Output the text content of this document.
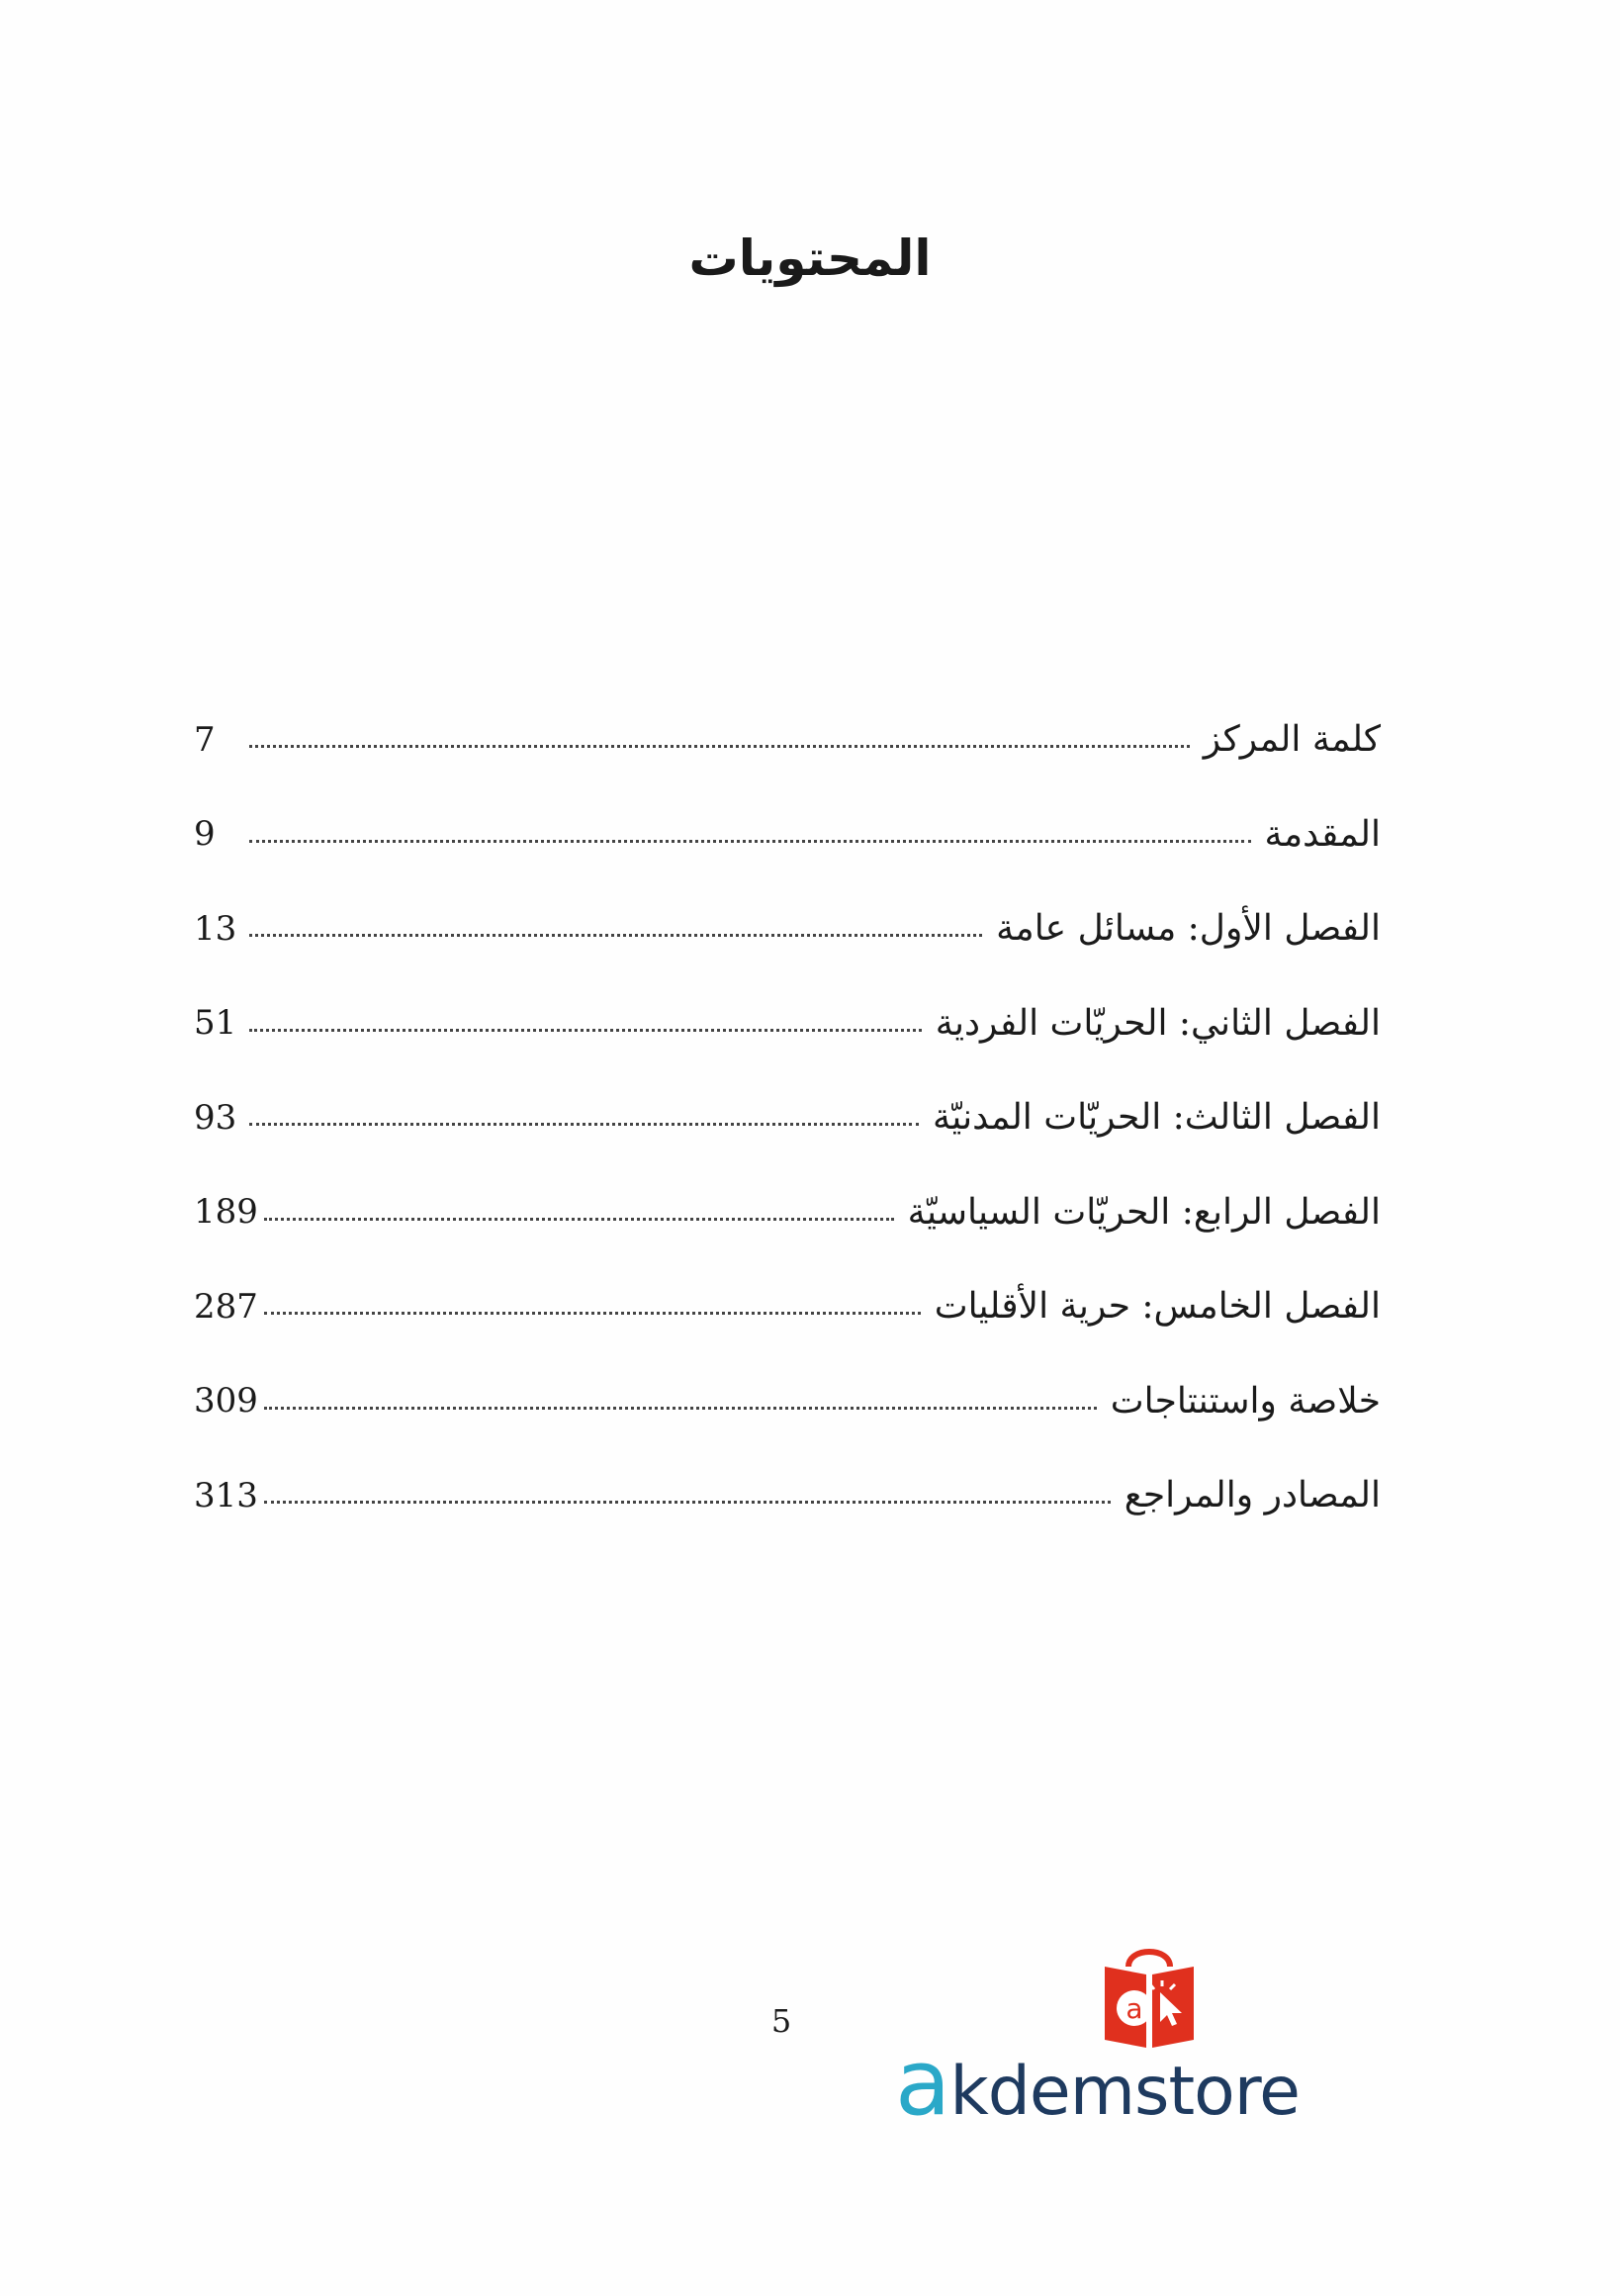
المحتويات
كلمة المركز
7
المقدمة
9
الفصل الأول: مسائل عامة
13
الفصل الثاني: الحريّات الفردية
51
الفصل الثالث: الحريّات المدنيّة
93
الفصل الرابع: الحريّات السياسيّة
189
الفصل الخامس: حرية الأقليات
287
خلاصة واستنتاجات
309
المصادر والمراجع
313
5	a
akdemstore
